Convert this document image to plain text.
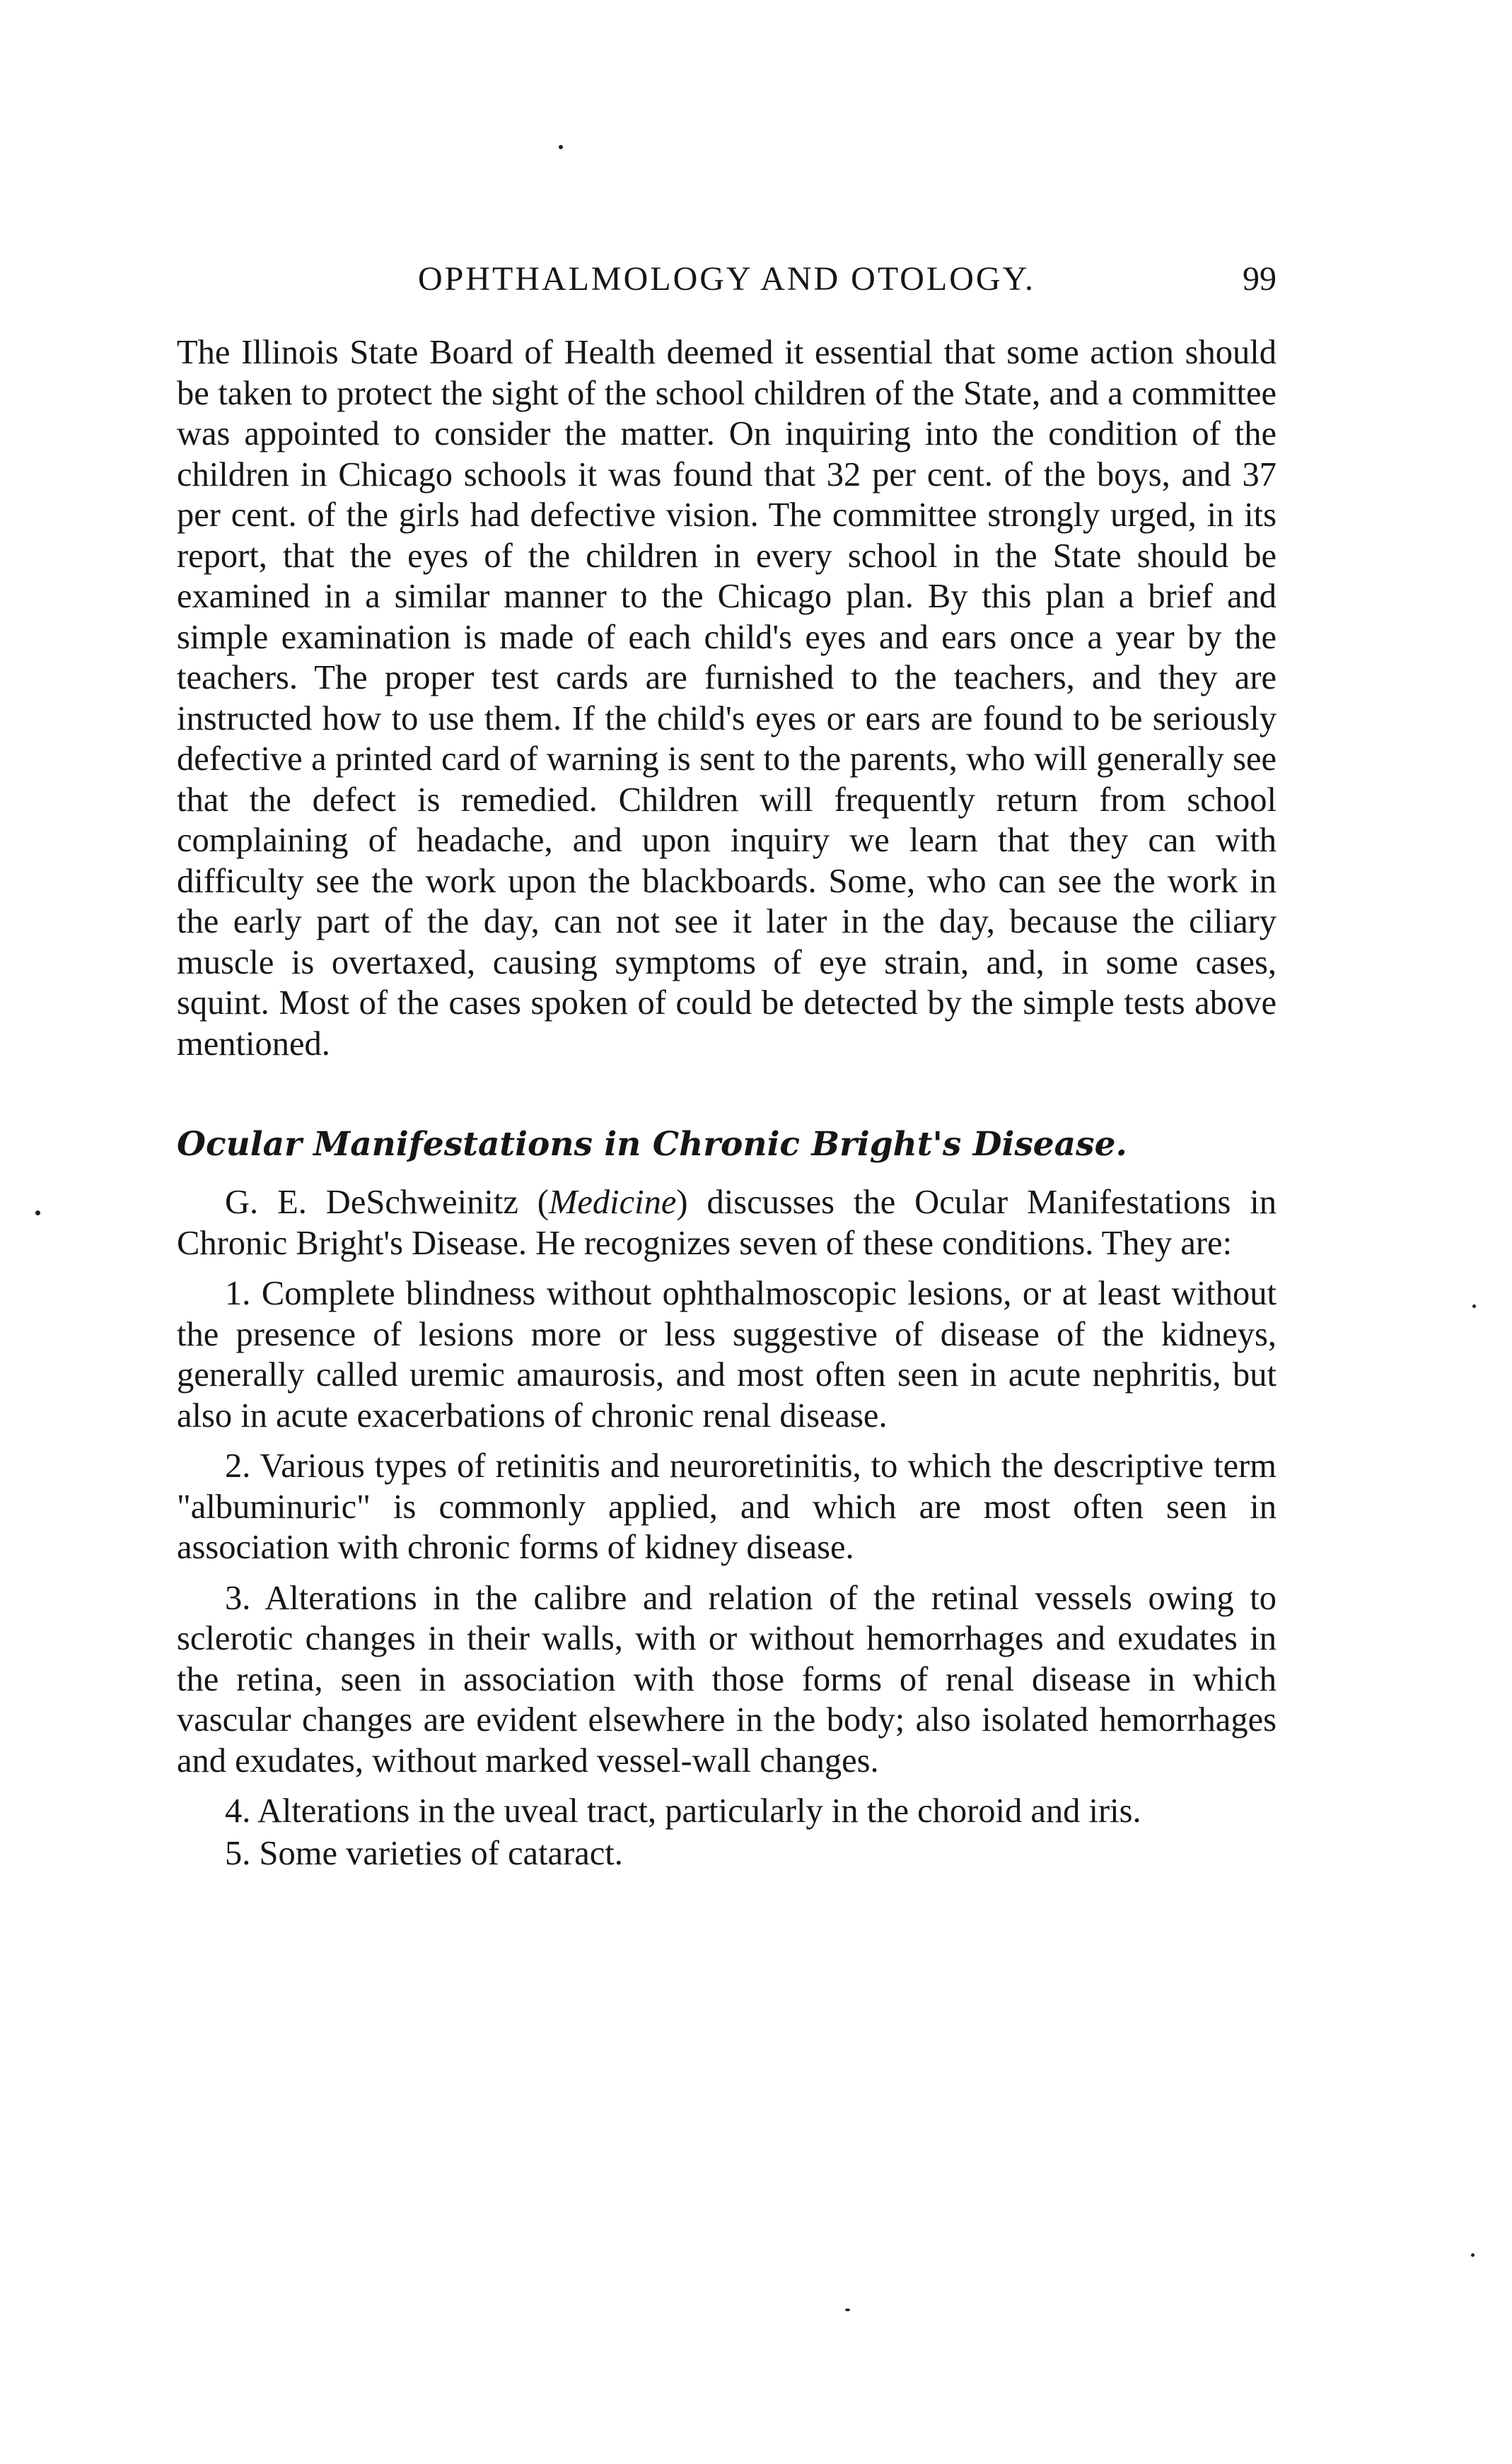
OPHTHALMOLOGY AND OTOLOGY.	99

The Illinois State Board of Health deemed it essential that some action should be taken to protect the sight of the school children of the State, and a committee was appointed to consider the matter. On inquiring into the condition of the children in Chicago schools it was found that 32 per cent. of the boys, and 37 per cent. of the girls had defective vision. The committee strongly urged, in its report, that the eyes of the children in every school in the State should be examined in a similar manner to the Chicago plan. By this plan a brief and simple examination is made of each child's eyes and ears once a year by the teachers. The proper test cards are furnished to the teachers, and they are instructed how to use them. If the child's eyes or ears are found to be seriously defective a printed card of warning is sent to the parents, who will generally see that the defect is remedied. Children will frequently return from school complaining of headache, and upon inquiry we learn that they can with difficulty see the work upon the blackboards. Some, who can see the work in the early part of the day, can not see it later in the day, because the ciliary muscle is overtaxed, causing symptoms of eye strain, and, in some cases, squint. Most of the cases spoken of could be detected by the simple tests above mentioned.

Ocular Manifestations in Chronic Bright's Disease.

G. E. DeSchweinitz (Medicine) discusses the Ocular Manifestations in Chronic Bright's Disease. He recognizes seven of these conditions. They are:

1. Complete blindness without ophthalmoscopic lesions, or at least without the presence of lesions more or less suggestive of disease of the kidneys, generally called uremic amaurosis, and most often seen in acute nephritis, but also in acute exacerbations of chronic renal disease.

2. Various types of retinitis and neuroretinitis, to which the descriptive term "albuminuric" is commonly applied, and which are most often seen in association with chronic forms of kidney disease.

3. Alterations in the calibre and relation of the retinal vessels owing to sclerotic changes in their walls, with or without hemorrhages and exudates in the retina, seen in association with those forms of renal disease in which vascular changes are evident elsewhere in the body; also isolated hemorrhages and exudates, without marked vessel-wall changes.

4. Alterations in the uveal tract, particularly in the choroid and iris.

5. Some varieties of cataract.
